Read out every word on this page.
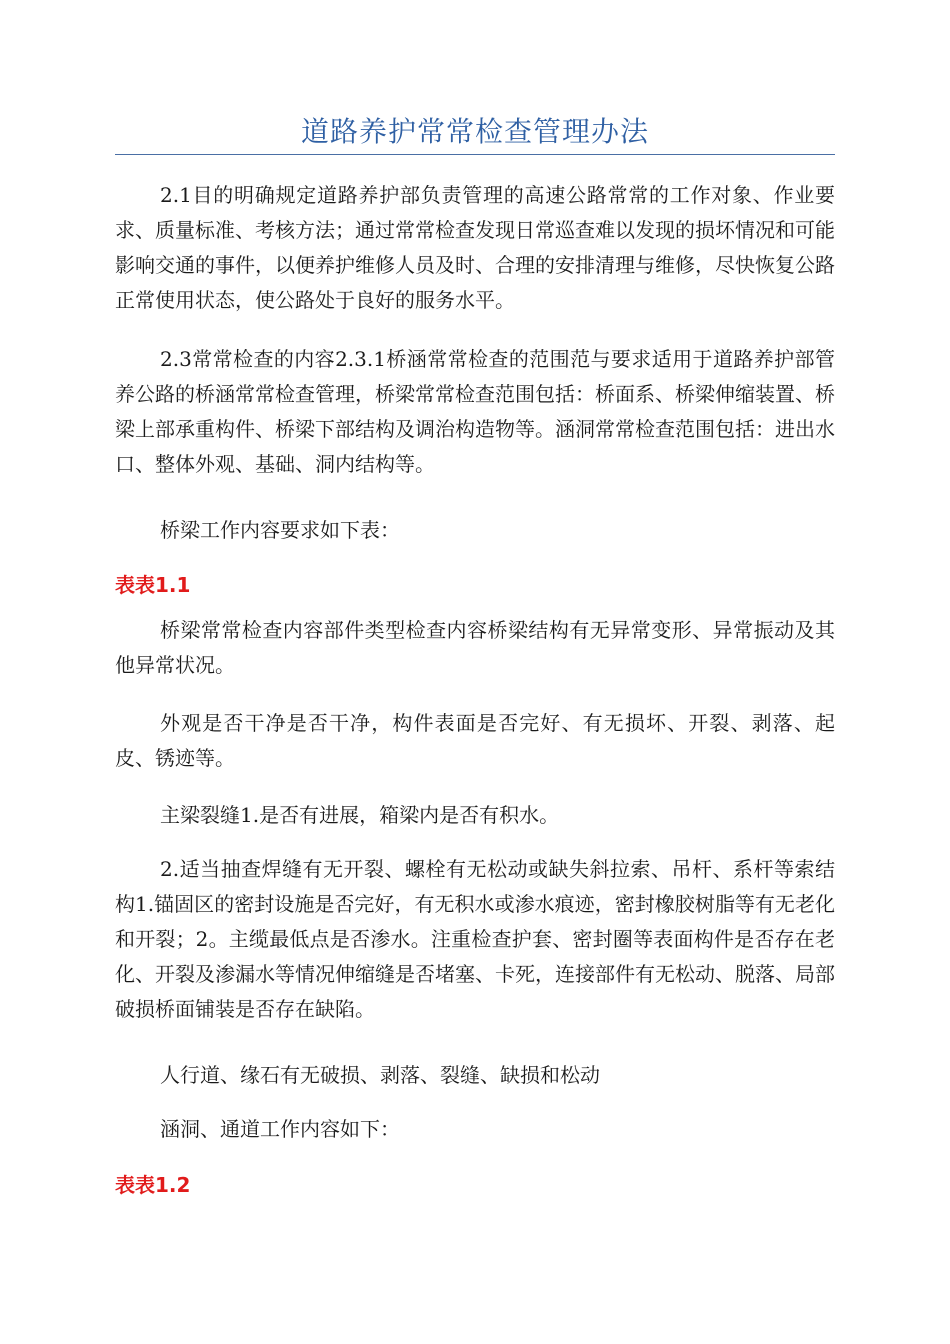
道路养护常常检查管理办法

2.1目的明确规定道路养护部负责管理的高速公路常常的工作对象、作业要求、质量标准、考核方法；通过常常检查发现日常巡查难以发现的损坏情况和可能影响交通的事件，以便养护维修人员及时、合理的安排清理与维修，尽快恢复公路正常使用状态，使公路处于良好的服务水平。

2.3常常检查的内容2.3.1桥涵常常检查的范围范与要求适用于道路养护部管养公路的桥涵常常检查管理，桥梁常常检查范围包括：桥面系、桥梁伸缩装置、桥梁上部承重构件、桥梁下部结构及调治构造物等。涵洞常常检查范围包括：进出水口、整体外观、基础、洞内结构等。

桥梁工作内容要求如下表：

表表1.1

桥梁常常检查内容部件类型检查内容桥梁结构有无异常变形、异常振动及其他异常状况。

外观是否干净是否干净，构件表面是否完好、有无损坏、开裂、剥落、起皮、锈迹等。

主梁裂缝1.是否有进展，箱梁内是否有积水。

2.适当抽查焊缝有无开裂、螺栓有无松动或缺失斜拉索、吊杆、系杆等索结构1.锚固区的密封设施是否完好，有无积水或渗水痕迹，密封橡胶树脂等有无老化和开裂；2。主缆最低点是否渗水。注重检查护套、密封圈等表面构件是否存在老化、开裂及渗漏水等情况伸缩缝是否堵塞、卡死，连接部件有无松动、脱落、局部破损桥面铺装是否存在缺陷。

人行道、缘石有无破损、剥落、裂缝、缺损和松动

涵洞、通道工作内容如下：

表表1.2
